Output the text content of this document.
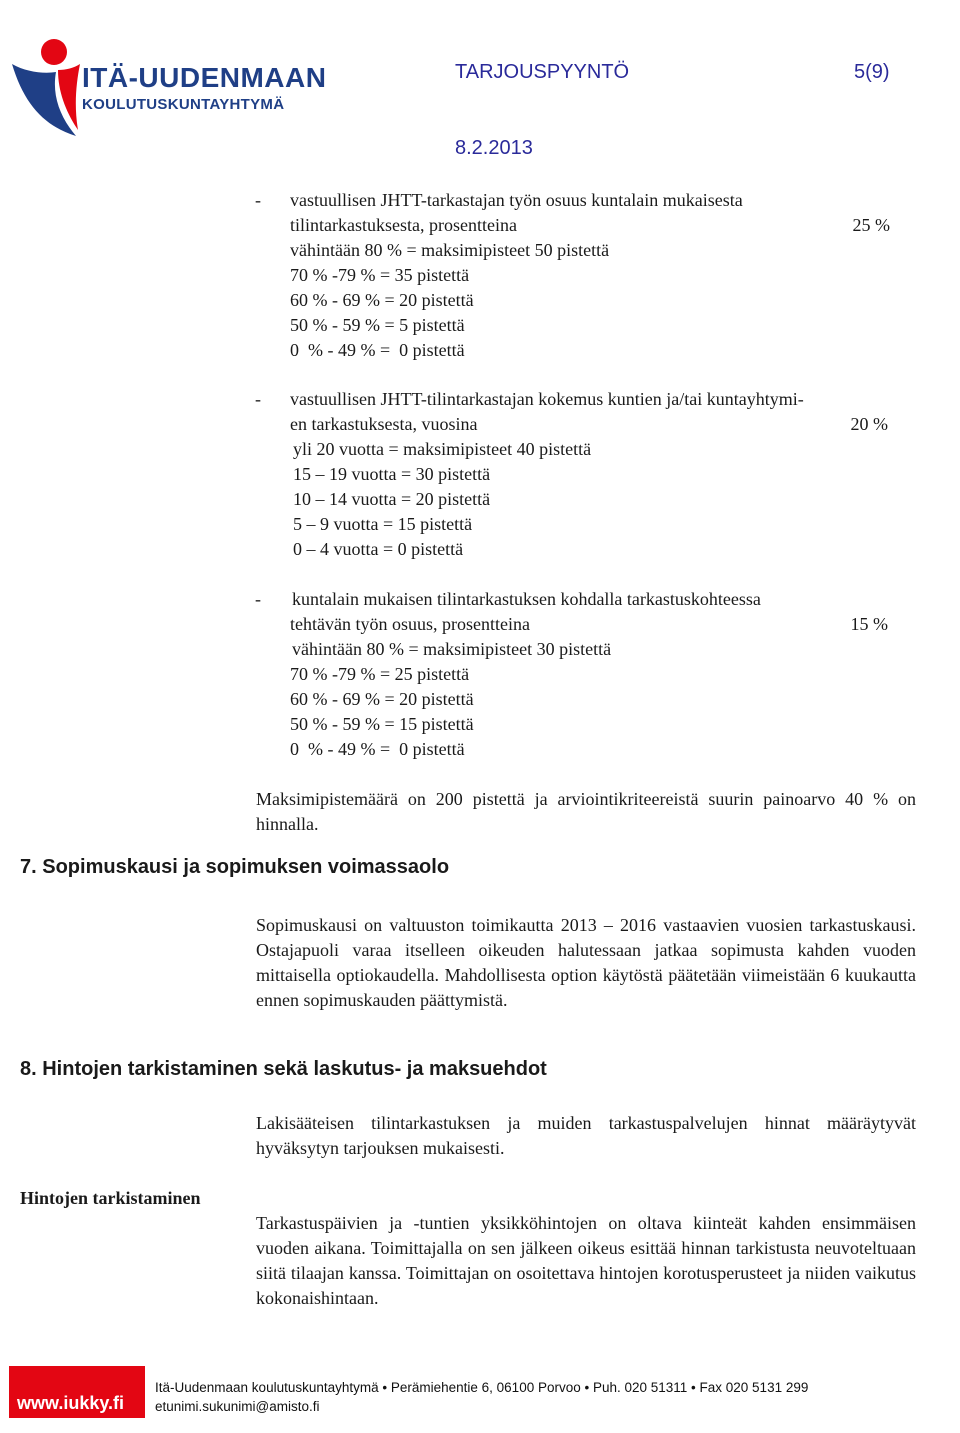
ITÄ-UUDENMAAN
KOULUTUSKUNTAYHTYMÄ
TARJOUSPYYNTÖ	5(9)
8.2.2013
- vastuullisen JHTT-tarkastajan työn osuus kuntalain mukaisesta
tilintarkastuksesta, prosentteina	25 %
vähintään 80 % = maksimipisteet 50 pistettä
70 % -79 % = 35 pistettä
60 % - 69 % = 20 pistettä
50 % - 59 % = 5 pistettä
0  % - 49 % =  0 pistettä
- vastuullisen JHTT-tilintarkastajan kokemus kuntien ja/tai kuntayhtymi-
en tarkastuksesta, vuosina	20 %
yli 20 vuotta = maksimipisteet 40 pistettä
15 – 19 vuotta = 30 pistettä
10 – 14 vuotta = 20 pistettä
5 – 9 vuotta = 15 pistettä
0 – 4 vuotta = 0 pistettä
- kuntalain mukaisen tilintarkastuksen kohdalla tarkastuskohteessa
tehtävän työn osuus, prosentteina	15 %
vähintään 80 % = maksimipisteet 30 pistettä
70 % -79 % = 25 pistettä
60 % - 69 % = 20 pistettä
50 % - 59 % = 15 pistettä
0  % - 49 % =  0 pistettä
Maksimipistemäärä on 200 pistettä ja arviointikriteereistä suurin painoarvo 40 % on hinnalla.
7. Sopimuskausi ja sopimuksen voimassaolo
Sopimuskausi on valtuuston toimikautta 2013 – 2016 vastaavien vuosien tarkastuskausi. Ostajapuoli varaa itselleen oikeuden halutessaan jatkaa sopimusta kahden vuoden mittaisella optiokaudella. Mahdollisesta option käytöstä päätetään viimeistään 6 kuukautta ennen sopimuskauden päättymistä.
8. Hintojen tarkistaminen sekä laskutus- ja maksuehdot
Lakisääteisen tilintarkastuksen ja muiden tarkastuspalvelujen hinnat määräytyvät hyväksytyn tarjouksen mukaisesti.
Hintojen tarkistaminen
Tarkastuspäivien ja -tuntien yksikköhintojen on oltava kiinteät kahden ensimmäisen vuoden aikana. Toimittajalla on sen jälkeen oikeus esittää hinnan tarkistusta neuvoteltuaan siitä tilaajan kanssa. Toimittajan on osoitettava hintojen korotusperusteet ja niiden vaikutus kokonaishintaan.
www.iukky.fi
Itä-Uudenmaan koulutuskuntayhtymä • Perämiehentie 6, 06100 Porvoo • Puh. 020 51311 • Fax 020 5131 299
etunimi.sukunimi@amisto.fi
